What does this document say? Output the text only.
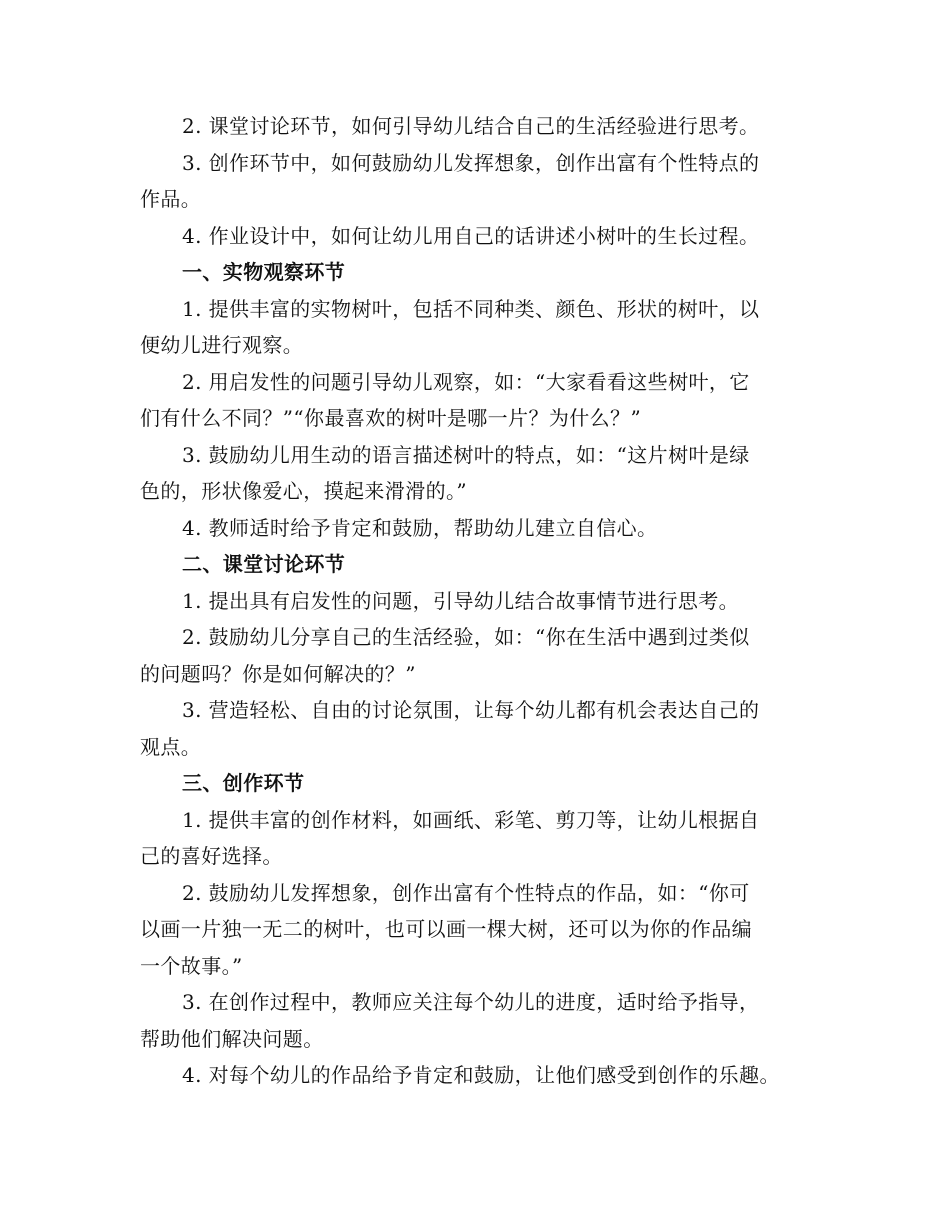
2. 课堂讨论环节，如何引导幼儿结合自己的生活经验进行思考。
3. 创作环节中，如何鼓励幼儿发挥想象，创作出富有个性特点的
作品。
4. 作业设计中，如何让幼儿用自己的话讲述小树叶的生长过程。
一、实物观察环节
1. 提供丰富的实物树叶，包括不同种类、颜色、形状的树叶，以
便幼儿进行观察。
2. 用启发性的问题引导幼儿观察，如：“大家看看这些树叶，它
们有什么不同？”“你最喜欢的树叶是哪一片？为什么？”
3. 鼓励幼儿用生动的语言描述树叶的特点，如：“这片树叶是绿
色的，形状像爱心，摸起来滑滑的。”
4. 教师适时给予肯定和鼓励，帮助幼儿建立自信心。
二、课堂讨论环节
1. 提出具有启发性的问题，引导幼儿结合故事情节进行思考。
2. 鼓励幼儿分享自己的生活经验，如：“你在生活中遇到过类似
的问题吗？你是如何解决的？”
3. 营造轻松、自由的讨论氛围，让每个幼儿都有机会表达自己的
观点。
三、创作环节
1. 提供丰富的创作材料，如画纸、彩笔、剪刀等，让幼儿根据自
己的喜好选择。
2. 鼓励幼儿发挥想象，创作出富有个性特点的作品，如：“你可
以画一片独一无二的树叶，也可以画一棵大树，还可以为你的作品编
一个故事。”
3. 在创作过程中，教师应关注每个幼儿的进度，适时给予指导，
帮助他们解决问题。
4. 对每个幼儿的作品给予肯定和鼓励，让他们感受到创作的乐趣。
